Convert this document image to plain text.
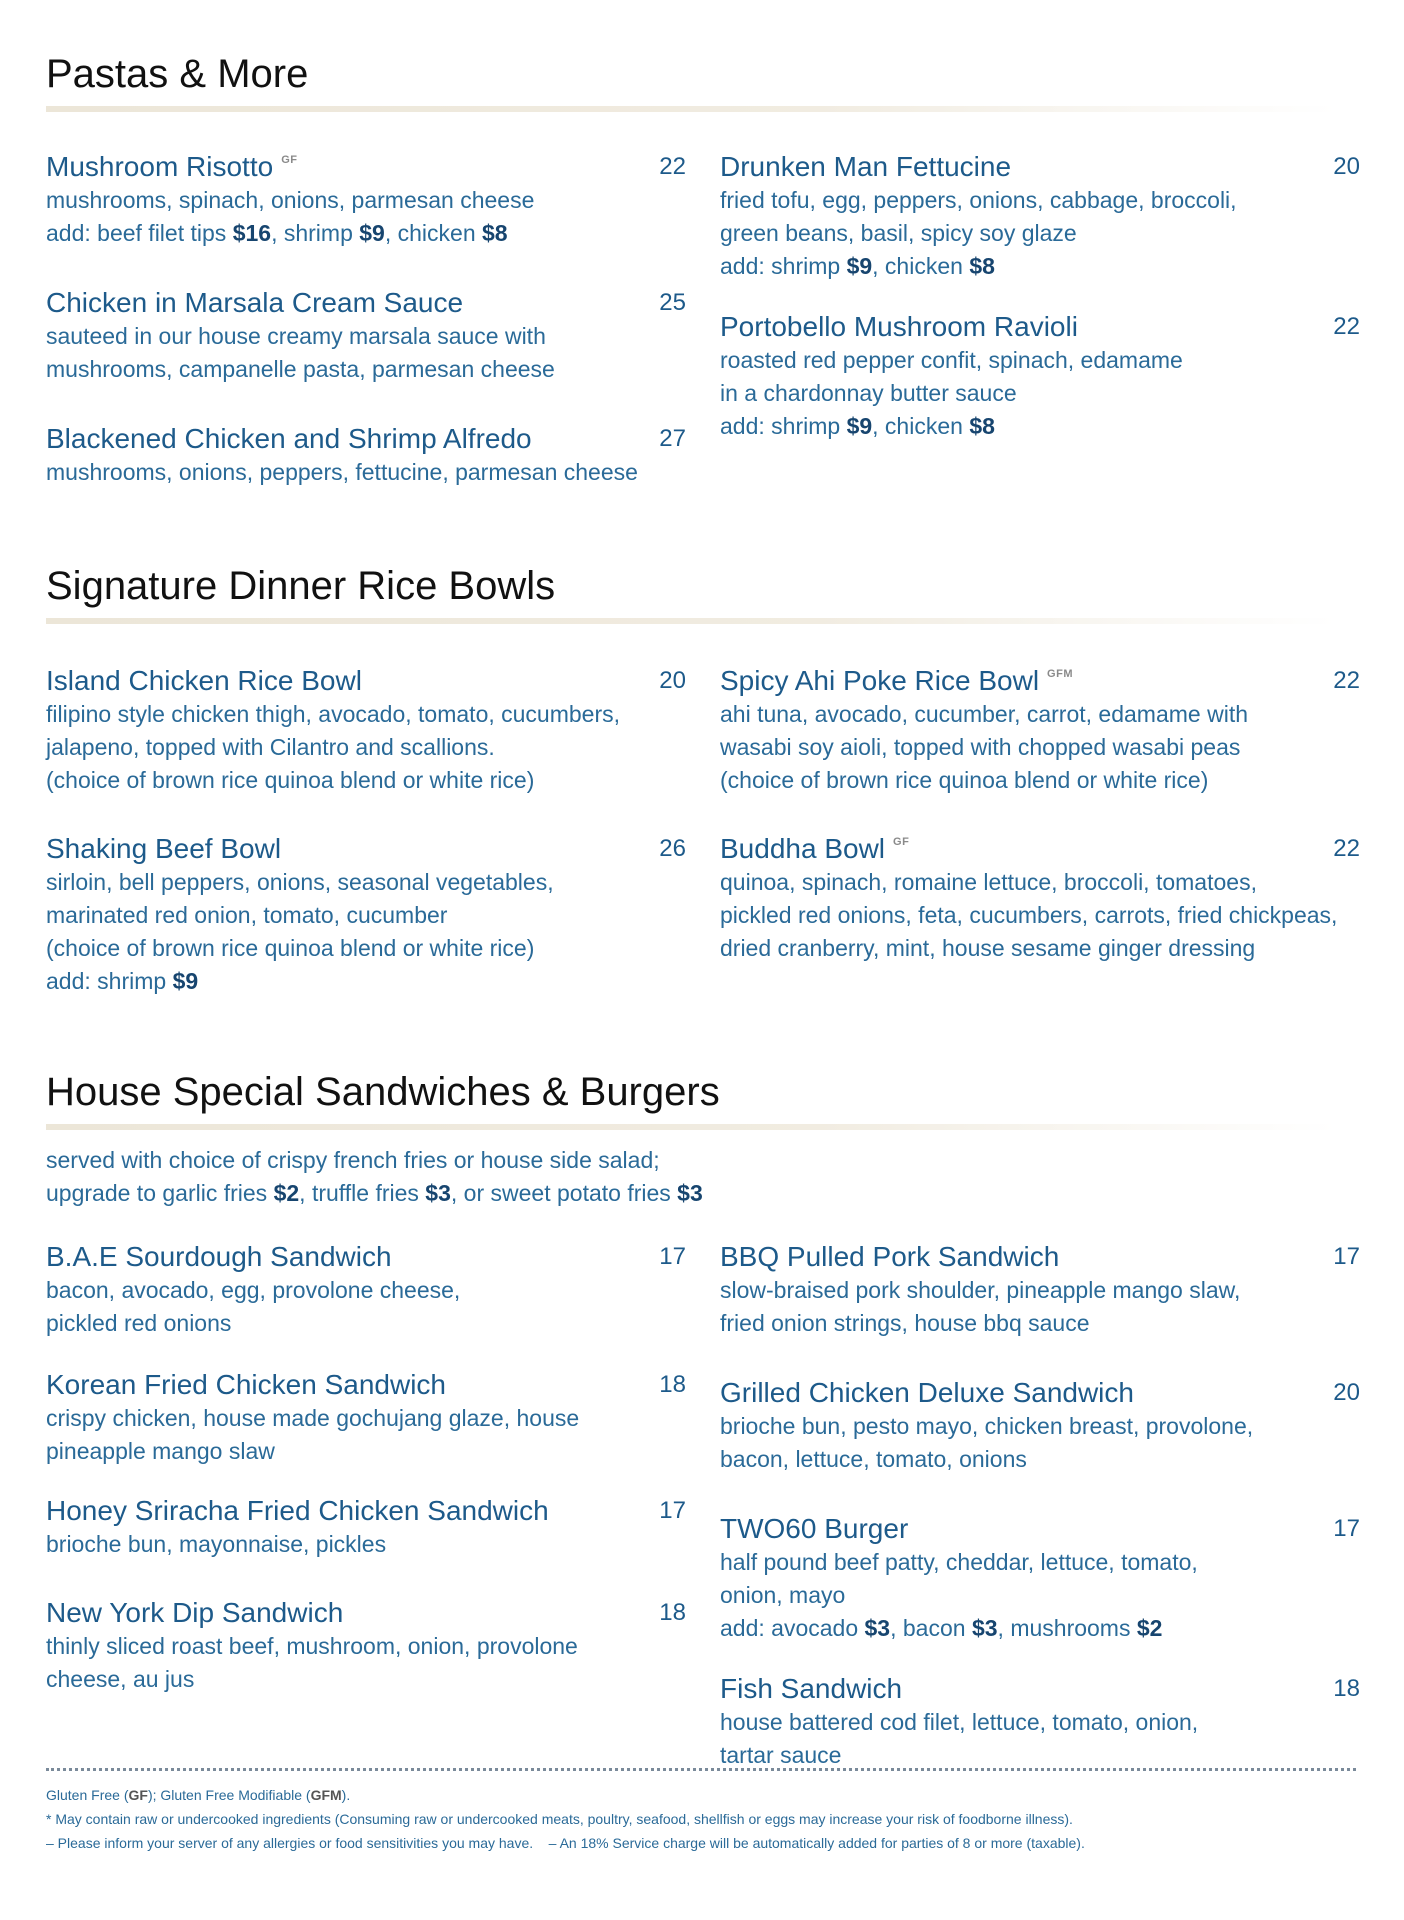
Pastas & More
Mushroom Risotto $^{GF}$	22
mushrooms, spinach, onions, parmesan cheese
add: beef filet tips $16, shrimp $9, chicken $8
Chicken in Marsala Cream Sauce	25
sauteed in our house creamy marsala sauce with
mushrooms, campanelle pasta, parmesan cheese
Blackened Chicken and Shrimp Alfredo	27
mushrooms, onions, peppers, fettucine, parmesan cheese
Drunken Man Fettucine	20
fried tofu, egg, peppers, onions, cabbage, broccoli,
green beans, basil, spicy soy glaze
add: shrimp $9, chicken $8
Portobello Mushroom Ravioli	22
roasted red pepper confit, spinach, edamame
in a chardonnay butter sauce
add: shrimp $9, chicken $8
Signature Dinner Rice Bowls
Island Chicken Rice Bowl	20
filipino style chicken thigh, avocado, tomato, cucumbers,
jalapeno, topped with Cilantro and scallions.
(choice of brown rice quinoa blend or white rice)
Shaking Beef Bowl	26
sirloin, bell peppers, onions, seasonal vegetables,
marinated red onion, tomato, cucumber
(choice of brown rice quinoa blend or white rice)
add: shrimp $9
Spicy Ahi Poke Rice Bowl $^{GFM}$	22
ahi tuna, avocado, cucumber, carrot, edamame with
wasabi soy aioli, topped with chopped wasabi peas
(choice of brown rice quinoa blend or white rice)
Buddha Bowl $^{GF}$	22
quinoa, spinach, romaine lettuce, broccoli, tomatoes,
pickled red onions, feta, cucumbers, carrots, fried chickpeas,
dried cranberry, mint, house sesame ginger dressing
House Special Sandwiches & Burgers
served with choice of crispy french fries or house side salad;
upgrade to garlic fries $2, truffle fries $3, or sweet potato fries $3
B.A.E Sourdough Sandwich	17
bacon, avocado, egg, provolone cheese,
pickled red onions
Korean Fried Chicken Sandwich	18
crispy chicken, house made gochujang glaze, house
pineapple mango slaw
Honey Sriracha Fried Chicken Sandwich	17
brioche bun, mayonnaise, pickles
New York Dip Sandwich	18
thinly sliced roast beef, mushroom, onion, provolone
cheese, au jus
BBQ Pulled Pork Sandwich	17
slow-braised pork shoulder, pineapple mango slaw,
fried onion strings, house bbq sauce
Grilled Chicken Deluxe Sandwich	20
brioche bun, pesto mayo, chicken breast, provolone,
bacon, lettuce, tomato, onions
TWO60 Burger	17
half pound beef patty, cheddar, lettuce, tomato,
onion, mayo
add: avocado $3, bacon $3, mushrooms $2
Fish Sandwich	18
house battered cod filet, lettuce, tomato, onion,
tartar sauce
Gluten Free (GF); Gluten Free Modifiable (GFM).
* May contain raw or undercooked ingredients (Consuming raw or undercooked meats, poultry, seafood, shellfish or eggs may increase your risk of foodborne illness).
– Please inform your server of any allergies or food sensitivities you may have.    – An 18% Service charge will be automatically added for parties of 8 or more (taxable).
